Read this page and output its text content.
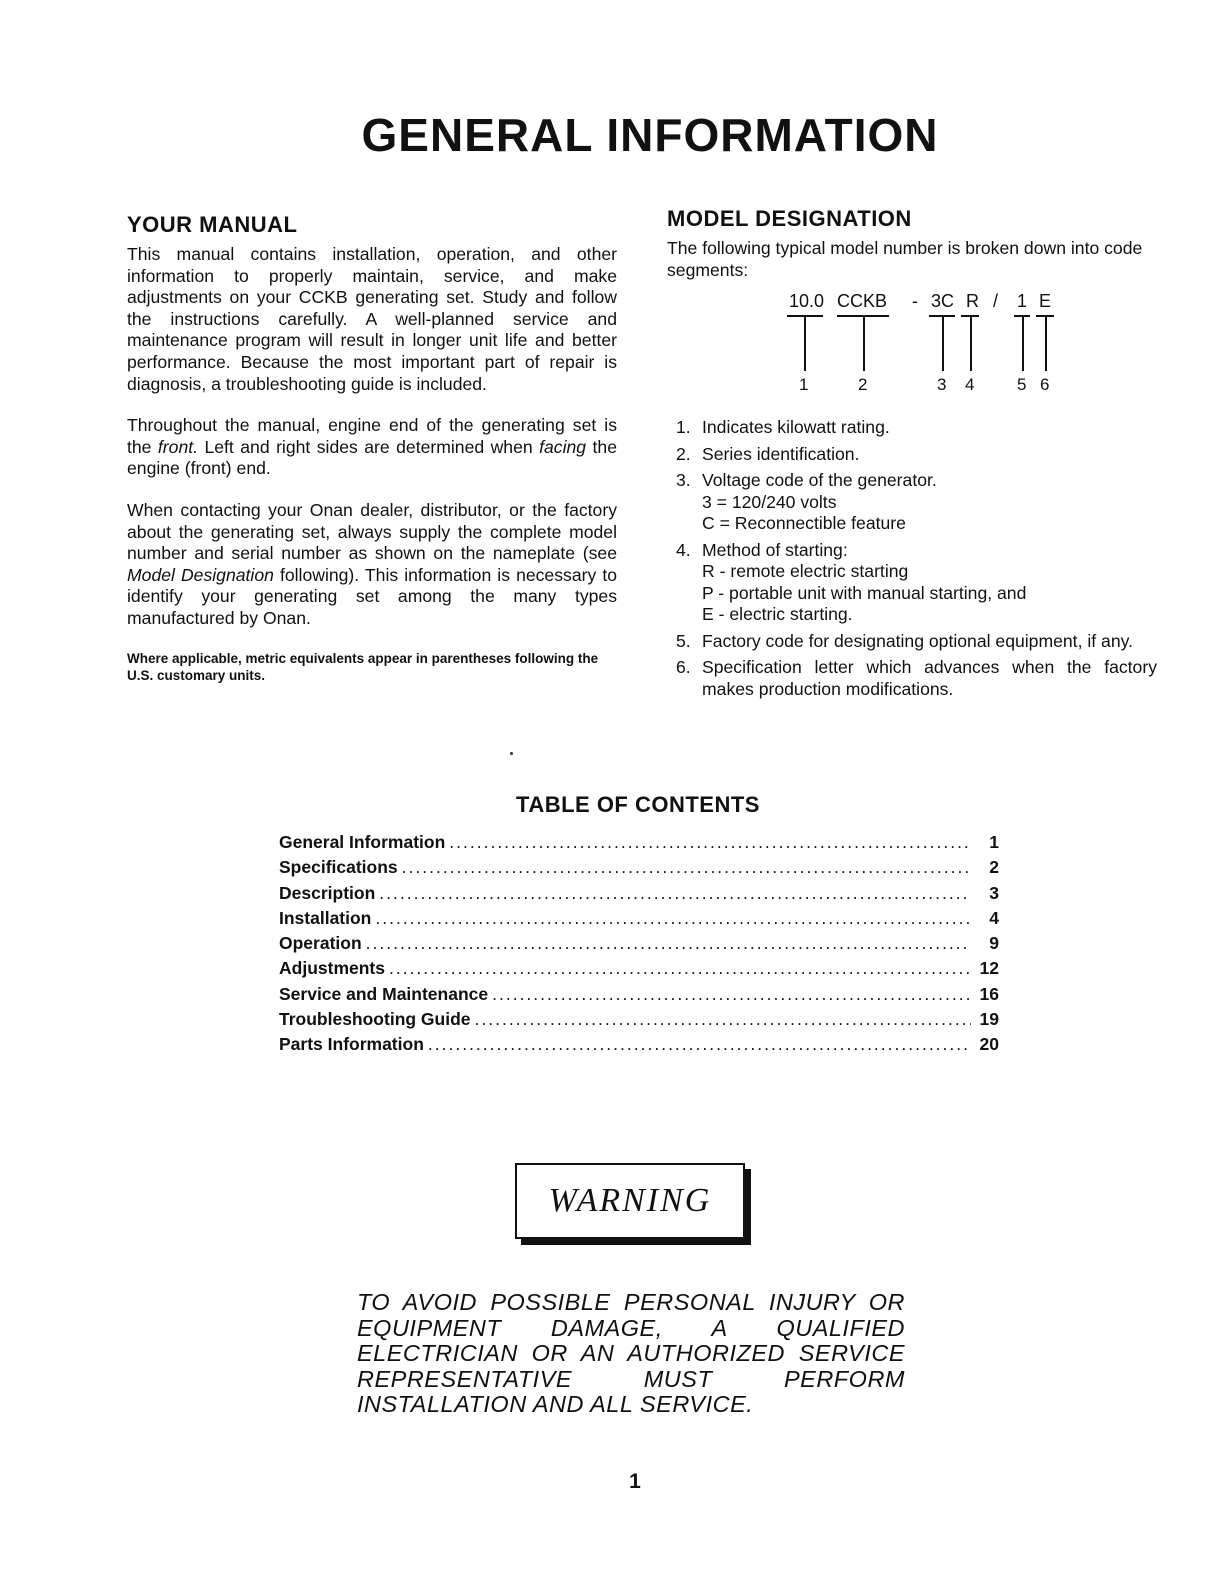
GENERAL INFORMATION
YOUR MANUAL

This manual contains installation, operation, and other information to properly maintain, service, and make adjustments on your CCKB generating set. Study and follow the instructions carefully. A well-planned service and maintenance program will result in longer unit life and better performance. Because the most important part of repair is diagnosis, a troubleshooting guide is included.

Throughout the manual, engine end of the generating set is the front. Left and right sides are determined when facing the engine (front) end.

When contacting your Onan dealer, distributor, or the factory about the generating set, always supply the complete model number and serial number as shown on the nameplate (see Model Designation following). This information is necessary to identify your generating set among the many types manufactured by Onan.

Where applicable, metric equivalents appear in parentheses following the U.S. customary units.

MODEL DESIGNATION

The following typical model number is broken down into code segments:

10.0 CCKB - 3C R / 1 E
1	2	3 4	5 6
1. Indicates kilowatt rating.
2. Series identification.
3. Voltage code of the generator.
3 = 120/240 volts
C = Reconnectible feature
4. Method of starting:
R - remote electric starting
P - portable unit with manual starting, and
E - electric starting.
5. Factory code for designating optional equipment, if any.
6. Specification letter which advances when the factory makes production modifications.
TABLE OF CONTENTS
General Information .....	1
Specifications .....	2
Description .....	3
Installation .....	4
Operation .....	9
Adjustments .....	12
Service and Maintenance .....	16
Troubleshooting Guide .....	19
Parts Information .....	20
WARNING
TO AVOID POSSIBLE PERSONAL INJURY OR EQUIPMENT DAMAGE, A QUALIFIED ELECTRICIAN OR AN AUTHORIZED SERVICE REPRESENTATIVE MUST PERFORM INSTALLATION AND ALL SERVICE.
1
